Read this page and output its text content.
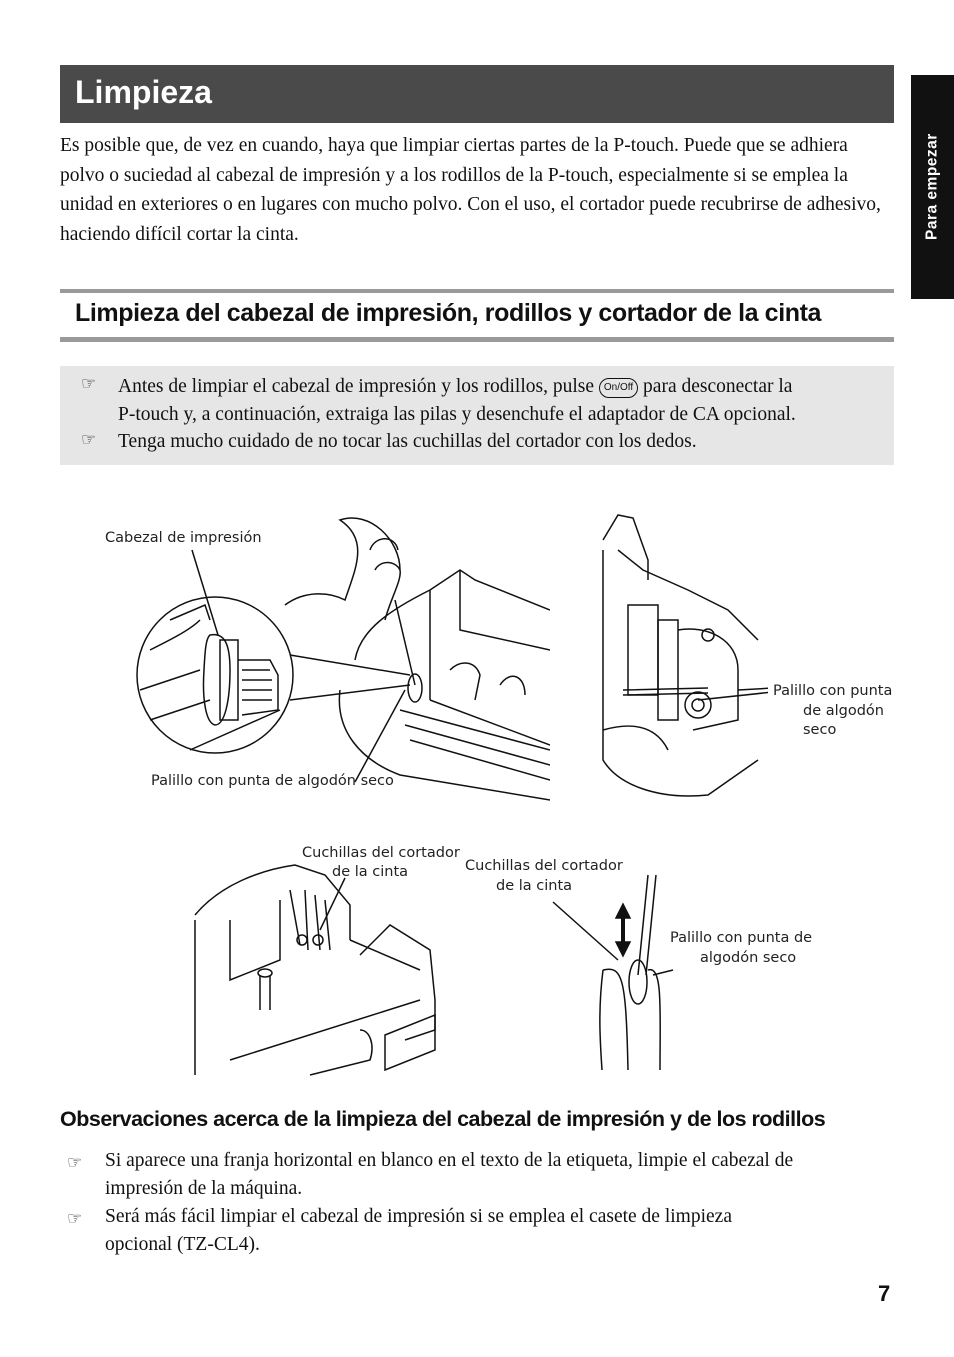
Para empezar
Limpieza
Es posible que, de vez en cuando, haya que limpiar ciertas partes de la P-touch. Puede que se adhiera polvo o suciedad al cabezal de impresión y a los rodillos de la P-touch, especialmente si se emplea la unidad en exteriores o en lugares con mucho polvo. Con el uso, el cortador puede recubrirse de adhesivo, haciendo difícil cortar la cinta.
Limpieza del cabezal de impresión, rodillos y cortador de la cinta
☞ Antes de limpiar el cabezal de impresión y los rodillos, pulse On/Off para desconectar la
P-touch y, a continuación, extraiga las pilas y desenchufe el adaptador de CA opcional.
☞ Tenga mucho cuidado de no tocar las cuchillas del cortador con los dedos.
Cabezal de impresión
Palillo con punta de algodón seco
Palillo con punta
de algodón
seco
Cuchillas del cortador
de la cinta	Cuchillas del cortador
de la cinta
Palillo con punta de
algodón seco
Observaciones acerca de la limpieza del cabezal de impresión y de los rodillos
☞ Si aparece una franja horizontal en blanco en el texto de la etiqueta, limpie el cabezal de
impresión de la máquina.
☞ Será más fácil limpiar el cabezal de impresión si se emplea el casete de limpieza
opcional (TZ-CL4).
7
